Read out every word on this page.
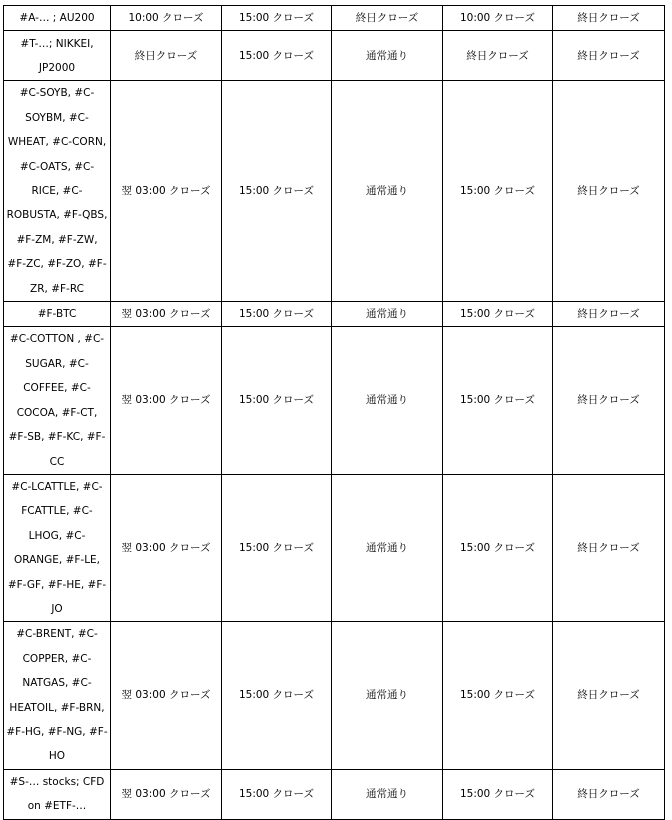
#A-… ; AU200	10:00 クローズ	15:00 クローズ	終日クローズ	10:00 クローズ	終日クローズ
#T-…; NIKKEI, JP2000	終日クローズ	15:00 クローズ	通常通り	終日クローズ	終日クローズ
#C-SOYB, #C-SOYBM, #C-WHEAT, #C-CORN, #C-OATS, #C-RICE, #C-ROBUSTA, #F-QBS, #F-ZM, #F-ZW, #F-ZC, #F-ZO, #F-ZR, #F-RC	翌 03:00 クローズ	15:00 クローズ	通常通り	15:00 クローズ	終日クローズ
#F-BTC	翌 03:00 クローズ	15:00 クローズ	通常通り	15:00 クローズ	終日クローズ
#C-COTTON , #C-SUGAR, #C-COFFEE, #C-COCOA, #F-CT, #F-SB, #F-KC, #F-CC	翌 03:00 クローズ	15:00 クローズ	通常通り	15:00 クローズ	終日クローズ
#C-LCATTLE, #C-FCATTLE, #C-LHOG, #C-ORANGE, #F-LE, #F-GF, #F-HE, #F-JO	翌 03:00 クローズ	15:00 クローズ	通常通り	15:00 クローズ	終日クローズ
#C-BRENT, #C-COPPER, #C-NATGAS, #C-HEATOIL, #F-BRN, #F-HG, #F-NG, #F-HO	翌 03:00 クローズ	15:00 クローズ	通常通り	15:00 クローズ	終日クローズ
#S-… stocks; CFD on #ETF-…	翌 03:00 クローズ	15:00 クローズ	通常通り	15:00 クローズ	終日クローズ
